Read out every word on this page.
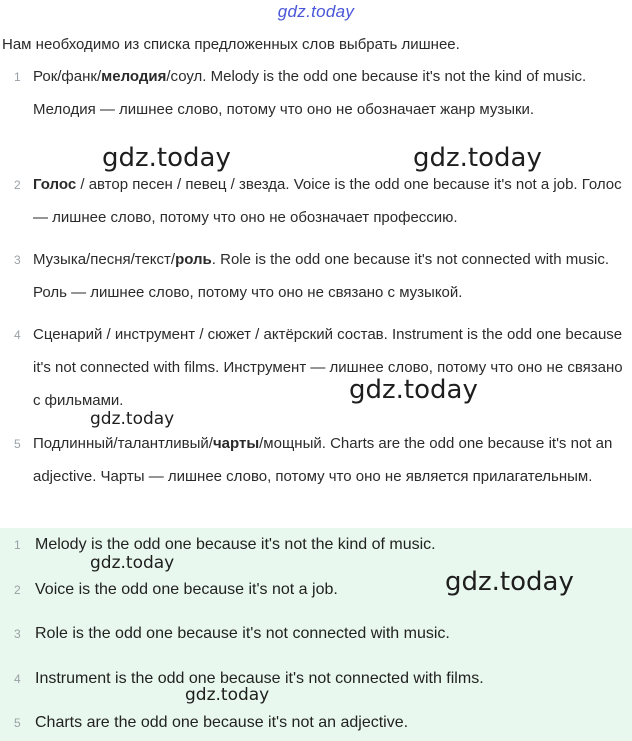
gdz.today
Нам необходимо из списка предложенных слов выбрать лишнее.
1 Рок/фанк/мелодия/соул. Melody is the odd one because it's not the kind of music. Мелодия — лишнее слово, потому что оно не обозначает жанр музыки.
2 Голос / автор песен / певец / звезда. Voice is the odd one because it's not a job. Голос — лишнее слово, потому что оно не обозначает профессию.
3 Музыка/песня/текст/роль. Role is the odd one because it's not connected with music. Роль — лишнее слово, потому что оно не связано с музыкой.
4 Сценарий / инструмент / сюжет / актёрский состав. Instrument is the odd one because it's not connected with films. Инструмент — лишнее слово, потому что оно не связано с фильмами.
5 Подлинный/талантливый/чарты/мощный. Charts are the odd one because it's not an adjective. Чарты — лишнее слово, потому что оно не является прилагательным.
1 Melody is the odd one because it's not the kind of music.
2 Voice is the odd one because it's not a job.
3 Role is the odd one because it's not connected with music.
4 Instrument is the odd one because it's not connected with films.
5 Charts are the odd one because it's not an adjective.
gdz.today	gdz.today
gdz.today
gdz.today
gdz.today
gdz.today
gdz.today
